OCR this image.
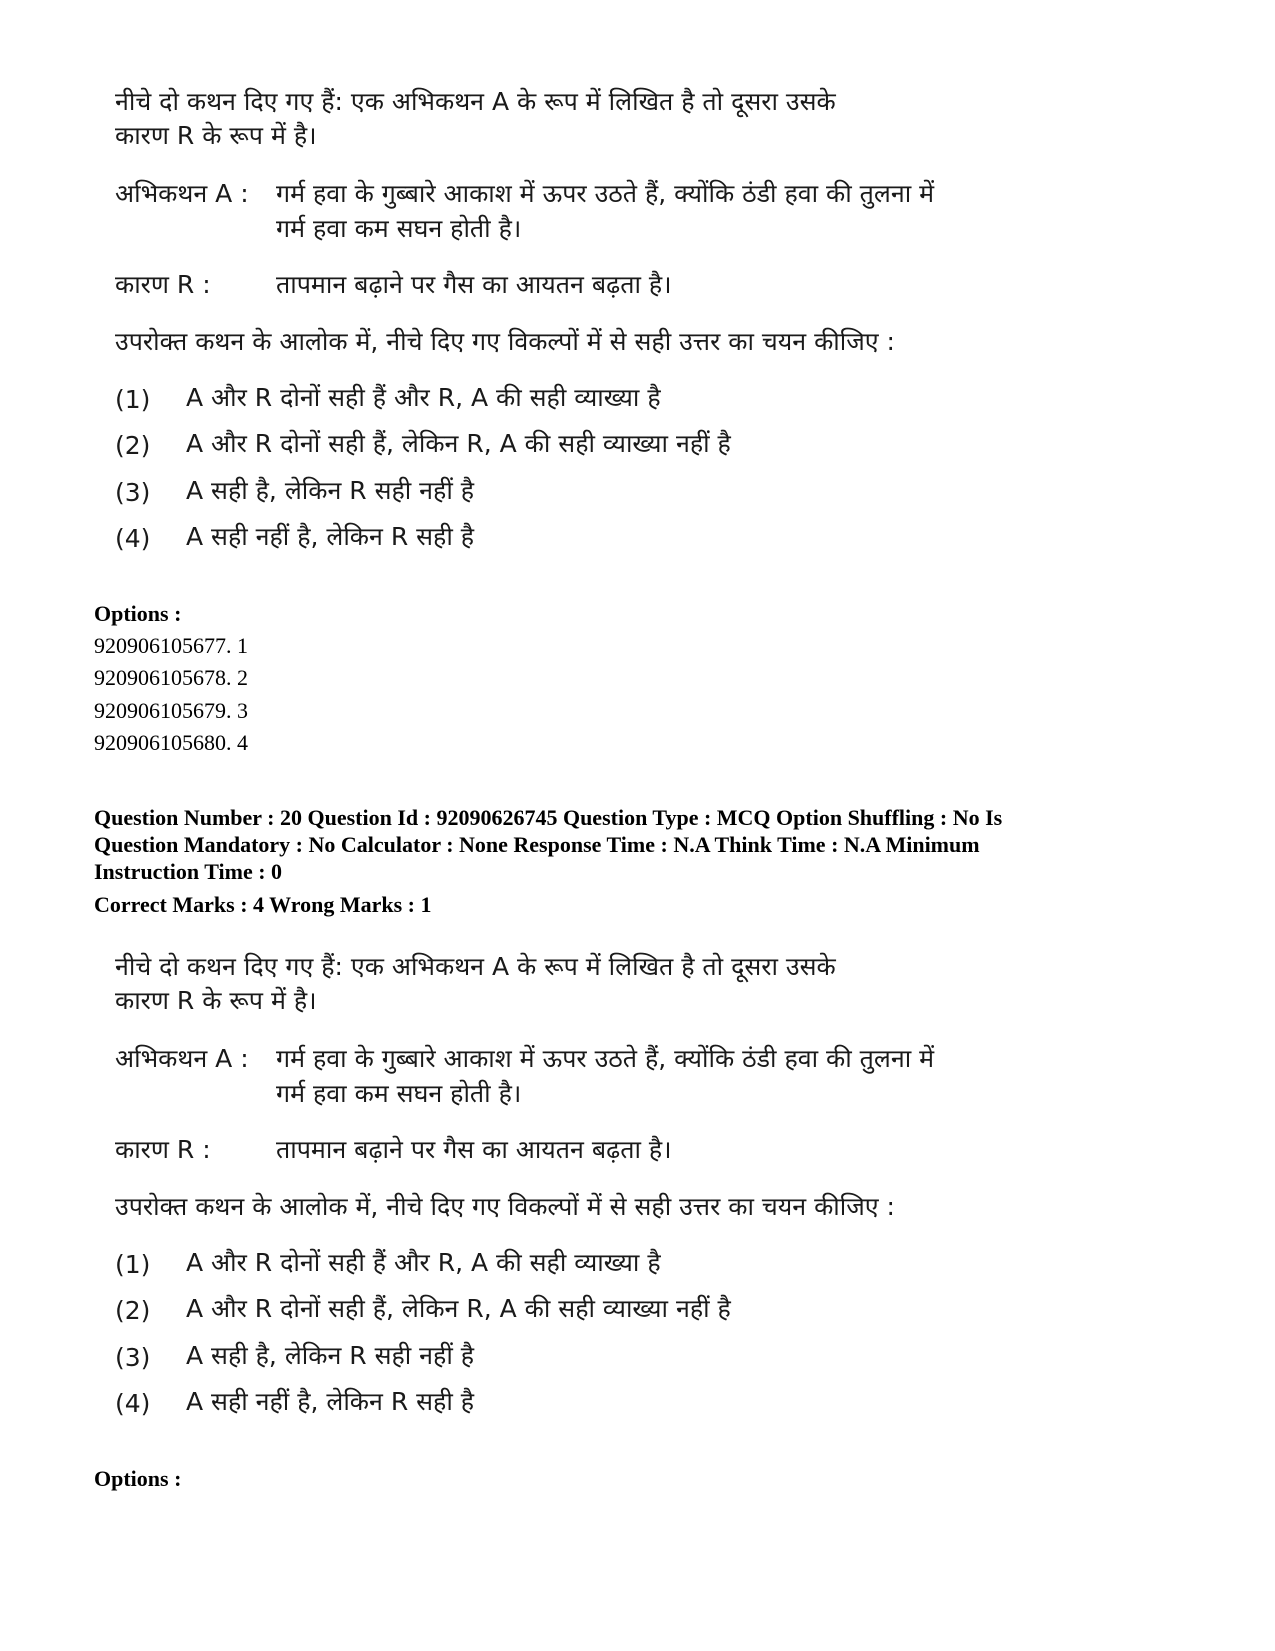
नीचे दो कथन दिए गए हैं: एक अभिकथन A के रूप में लिखित है तो दूसरा उसके
कारण R के रूप में है।
अभिकथन A : गर्म हवा के गुब्बारे आकाश में ऊपर उठते हैं, क्योंकि ठंडी हवा की तुलना में
गर्म हवा कम सघन होती है।
कारण R :	तापमान बढ़ाने पर गैस का आयतन बढ़ता है।
उपरोक्त कथन के आलोक में, नीचे दिए गए विकल्पों में से सही उत्तर का चयन कीजिए :
(1) A और R दोनों सही हैं और R, A की सही व्याख्या है
(2) A और R दोनों सही हैं, लेकिन R, A की सही व्याख्या नहीं है
(3) A सही है, लेकिन R सही नहीं है
(4) A सही नहीं है, लेकिन R सही है
Options :
920906105677. 1
920906105678. 2
920906105679. 3
920906105680. 4
Question Number : 20 Question Id : 92090626745 Question Type : MCQ Option Shuffling : No Is
Question Mandatory : No Calculator : None Response Time : N.A Think Time : N.A Minimum
Instruction Time : 0
Correct Marks : 4 Wrong Marks : 1
नीचे दो कथन दिए गए हैं: एक अभिकथन A के रूप में लिखित है तो दूसरा उसके
कारण R के रूप में है।
अभिकथन A : गर्म हवा के गुब्बारे आकाश में ऊपर उठते हैं, क्योंकि ठंडी हवा की तुलना में
गर्म हवा कम सघन होती है।
कारण R :	तापमान बढ़ाने पर गैस का आयतन बढ़ता है।
उपरोक्त कथन के आलोक में, नीचे दिए गए विकल्पों में से सही उत्तर का चयन कीजिए :
(1) A और R दोनों सही हैं और R, A की सही व्याख्या है
(2) A और R दोनों सही हैं, लेकिन R, A की सही व्याख्या नहीं है
(3) A सही है, लेकिन R सही नहीं है
(4) A सही नहीं है, लेकिन R सही है
Options :
